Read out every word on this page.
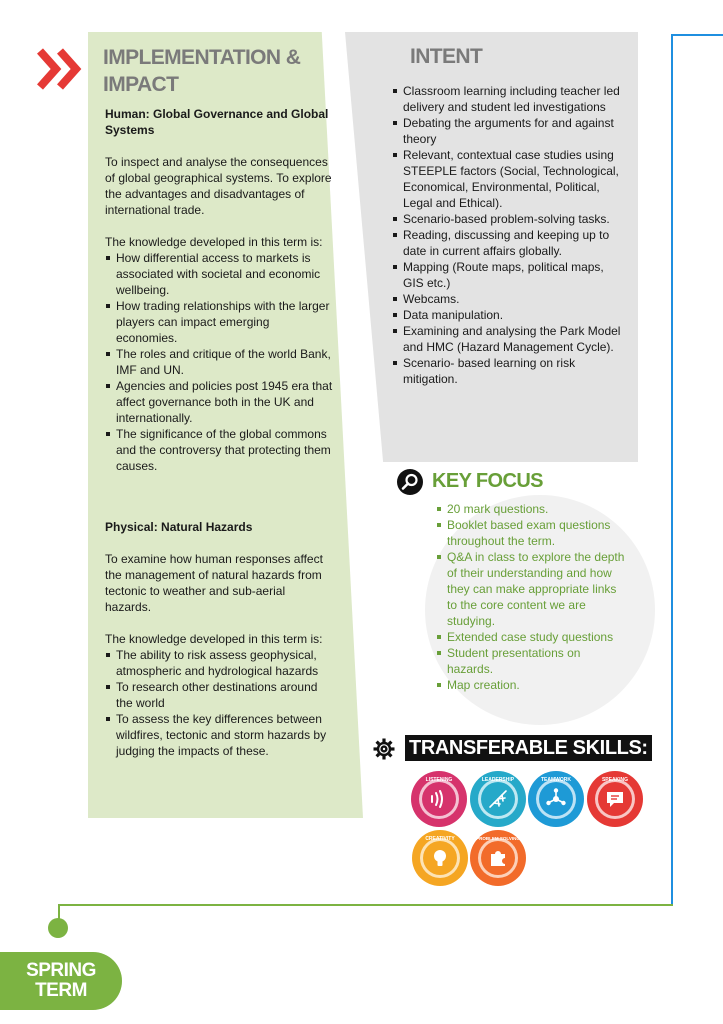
SPRING TERM
IMPLEMENTATION & IMPACT

Human: Global Governance and Global Systems

To inspect and analyse the consequences of global geographical systems. To explore the advantages and disadvantages of international trade.

The knowledge developed in this term is:

How differential access to markets is associated with societal and economic wellbeing.
How trading relationships with the larger players can impact emerging economies.
The roles and critique of the world Bank, IMF and UN.
Agencies and policies post 1945 era that affect governance both in the UK and internationally.
The significance of the global commons and the controversy that protecting them causes.

Physical: Natural Hazards

To examine how human responses affect the management of natural hazards from tectonic to weather and sub-aerial hazards.

The knowledge developed in this term is:

The ability to risk assess geophysical, atmospheric and hydrological hazards
To research other destinations around the world
To assess the key differences between wildfires, tectonic and storm hazards by judging the impacts of these.
INTENT
Classroom learning including teacher led delivery and student led investigations
Debating the arguments for and against theory
Relevant, contextual case studies using STEEPLE factors (Social, Technological, Economical, Environmental, Political, Legal and Ethical).
Scenario-based problem-solving tasks.
Reading, discussing and keeping up to date in current affairs globally.
Mapping (Route maps, political maps, GIS etc.)
Webcams.
Data manipulation.
Examining and analysing the Park Model and HMC (Hazard Management Cycle).
Scenario- based learning on risk mitigation.
KEY FOCUS
20 mark questions.
Booklet based exam questions throughout the term.
Q&A in class to explore the depth of their understanding and how they can make appropriate links to the core content we are studying.
Extended case study questions
Student presentations on hazards.
Map creation.
TRANSFERABLE SKILLS:
LISTENING	LEADERSHIP	TEAMWORK	SPEAKING
CREATIVITY	PROBLEM SOLVING
